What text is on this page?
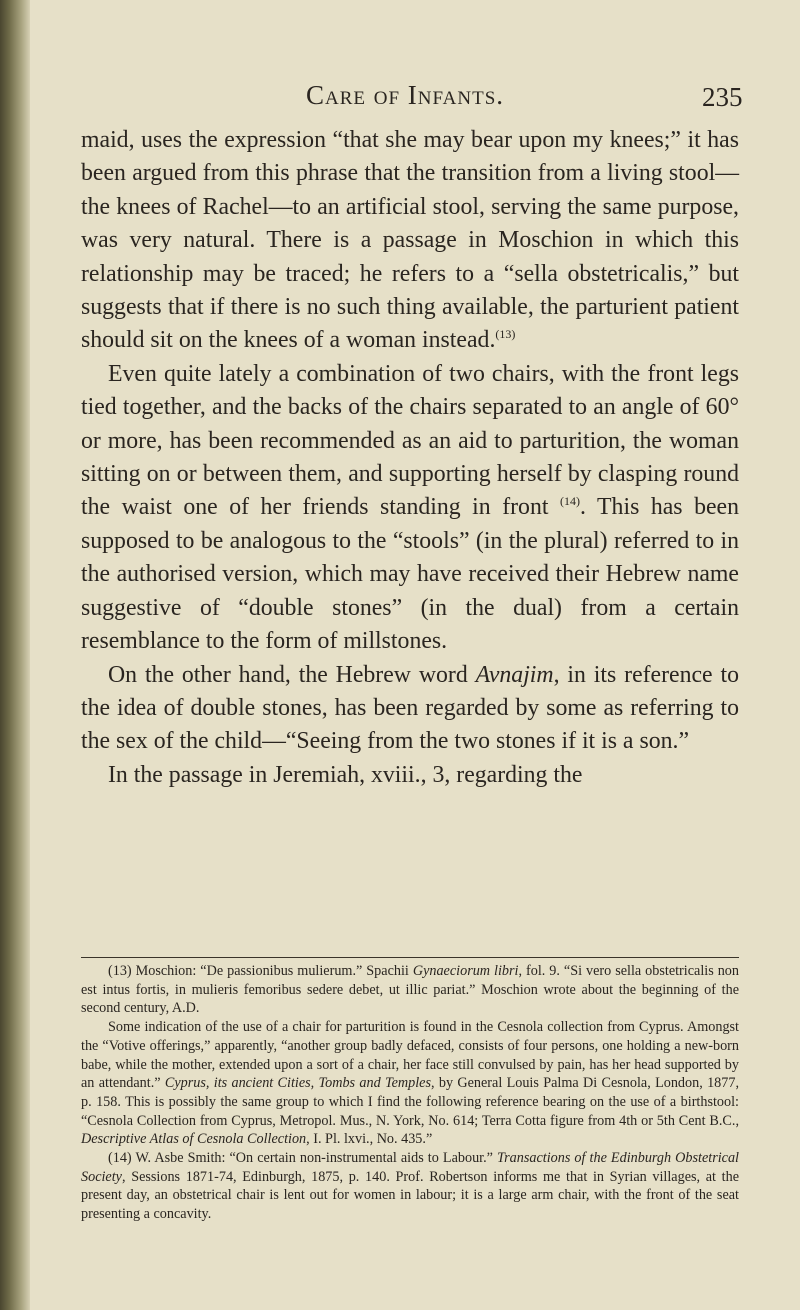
Care of Infants.	235

maid, uses the expression “that she may bear upon my knees;” it has been argued from this phrase that the transition from a living stool—the knees of Rachel—to an artificial stool, serving the same purpose, was very natural. There is a passage in Moschion in which this relationship may be traced; he refers to a “sella obstetricalis,” but suggests that if there is no such thing available, the parturient patient should sit on the knees of a woman instead.$^{(13)}$

Even quite lately a combination of two chairs, with the front legs tied together, and the backs of the chairs separated to an angle of 60° or more, has been recommended as an aid to parturition, the woman sitting on or between them, and supporting herself by clasping round the waist one of her friends standing in front $^{(14)}$. This has been supposed to be analogous to the “stools” (in the plural) referred to in the authorised version, which may have received their Hebrew name suggestive of “double stones” (in the dual) from a certain resemblance to the form of millstones.

On the other hand, the Hebrew word Avnajim, in its reference to the idea of double stones, has been regarded by some as referring to the sex of the child—“Seeing from the two stones if it is a son.”

In the passage in Jeremiah, xviii., 3, regarding the

(13) Moschion: “De passionibus mulierum.” Spachii Gynaeciorum libri, fol. 9. “Si vero sella obstetricalis non est intus fortis, in mulieris femoribus sedere debet, ut illic pariat.” Moschion wrote about the beginning of the second century, A.D.

Some indication of the use of a chair for parturition is found in the Cesnola collection from Cyprus. Amongst the “Votive offerings,” apparently, “another group badly defaced, consists of four persons, one holding a new-born babe, while the mother, extended upon a sort of a chair, her face still convulsed by pain, has her head supported by an attendant.” Cyprus, its ancient Cities, Tombs and Temples, by General Louis Palma Di Cesnola, London, 1877, p. 158. This is possibly the same group to which I find the following reference bearing on the use of a birthstool: “Cesnola Collection from Cyprus, Metropol. Mus., N. York, No. 614; Terra Cotta figure from 4th or 5th Cent B.C., Descriptive Atlas of Cesnola Collection, I. Pl. lxvi., No. 435.”

(14) W. Asbe Smith: “On certain non-instrumental aids to Labour.” Transactions of the Edinburgh Obstetrical Society, Sessions 1871-74, Edinburgh, 1875, p. 140. Prof. Robertson informs me that in Syrian villages, at the present day, an obstetrical chair is lent out for women in labour; it is a large arm chair, with the front of the seat presenting a concavity.
